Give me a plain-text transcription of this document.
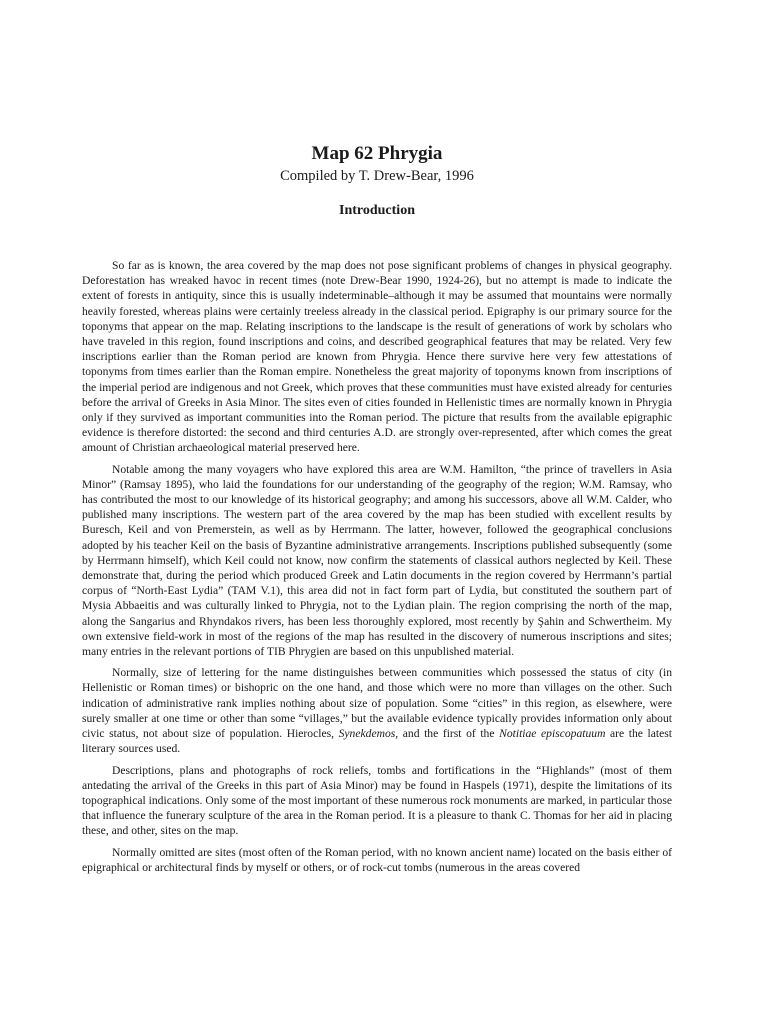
Map 62 Phrygia
Compiled by T. Drew-Bear, 1996
Introduction

So far as is known, the area covered by the map does not pose significant problems of changes in physical geography. Deforestation has wreaked havoc in recent times (note Drew-Bear 1990, 1924-26), but no attempt is made to indicate the extent of forests in antiquity, since this is usually indeterminable–although it may be assumed that mountains were normally heavily forested, whereas plains were certainly treeless already in the classical period. Epigraphy is our primary source for the toponyms that appear on the map. Relating inscriptions to the landscape is the result of generations of work by scholars who have traveled in this region, found inscriptions and coins, and described geographical features that may be related. Very few inscriptions earlier than the Roman period are known from Phrygia. Hence there survive here very few attestations of toponyms from times earlier than the Roman empire. Nonetheless the great majority of toponyms known from inscriptions of the imperial period are indigenous and not Greek, which proves that these communities must have existed already for centuries before the arrival of Greeks in Asia Minor. The sites even of cities founded in Hellenistic times are normally known in Phrygia only if they survived as important communities into the Roman period. The picture that results from the available epigraphic evidence is therefore distorted: the second and third centuries A.D. are strongly over-represented, after which comes the great amount of Christian archaeological material preserved here.

Notable among the many voyagers who have explored this area are W.M. Hamilton, “the prince of travellers in Asia Minor” (Ramsay 1895), who laid the foundations for our understanding of the geography of the region; W.M. Ramsay, who has contributed the most to our knowledge of its historical geography; and among his successors, above all W.M. Calder, who published many inscriptions. The western part of the area covered by the map has been studied with excellent results by Buresch, Keil and von Premerstein, as well as by Herrmann. The latter, however, followed the geographical conclusions adopted by his teacher Keil on the basis of Byzantine administrative arrangements. Inscriptions published subsequently (some by Herrmann himself), which Keil could not know, now confirm the statements of classical authors neglected by Keil. These demonstrate that, during the period which produced Greek and Latin documents in the region covered by Herrmann’s partial corpus of “North-East Lydia” (TAM V.1), this area did not in fact form part of Lydia, but constituted the southern part of Mysia Abbaeitis and was culturally linked to Phrygia, not to the Lydian plain. The region comprising the north of the map, along the Sangarius and Rhyndakos rivers, has been less thoroughly explored, most recently by Şahin and Schwertheim. My own extensive field-work in most of the regions of the map has resulted in the discovery of numerous inscriptions and sites; many entries in the relevant portions of TIB Phrygien are based on this unpublished material.

Normally, size of lettering for the name distinguishes between communities which possessed the status of city (in Hellenistic or Roman times) or bishopric on the one hand, and those which were no more than villages on the other. Such indication of administrative rank implies nothing about size of population. Some “cities” in this region, as elsewhere, were surely smaller at one time or other than some “villages,” but the available evidence typically provides information only about civic status, not about size of population. Hierocles, Synekdemos, and the first of the Notitiae episcopatuum are the latest literary sources used.

Descriptions, plans and photographs of rock reliefs, tombs and fortifications in the “Highlands” (most of them antedating the arrival of the Greeks in this part of Asia Minor) may be found in Haspels (1971), despite the limitations of its topographical indications. Only some of the most important of these numerous rock monuments are marked, in particular those that influence the funerary sculpture of the area in the Roman period. It is a pleasure to thank C. Thomas for her aid in placing these, and other, sites on the map.

Normally omitted are sites (most often of the Roman period, with no known ancient name) located on the basis either of epigraphical or architectural finds by myself or others, or of rock-cut tombs (numerous in the areas covered
